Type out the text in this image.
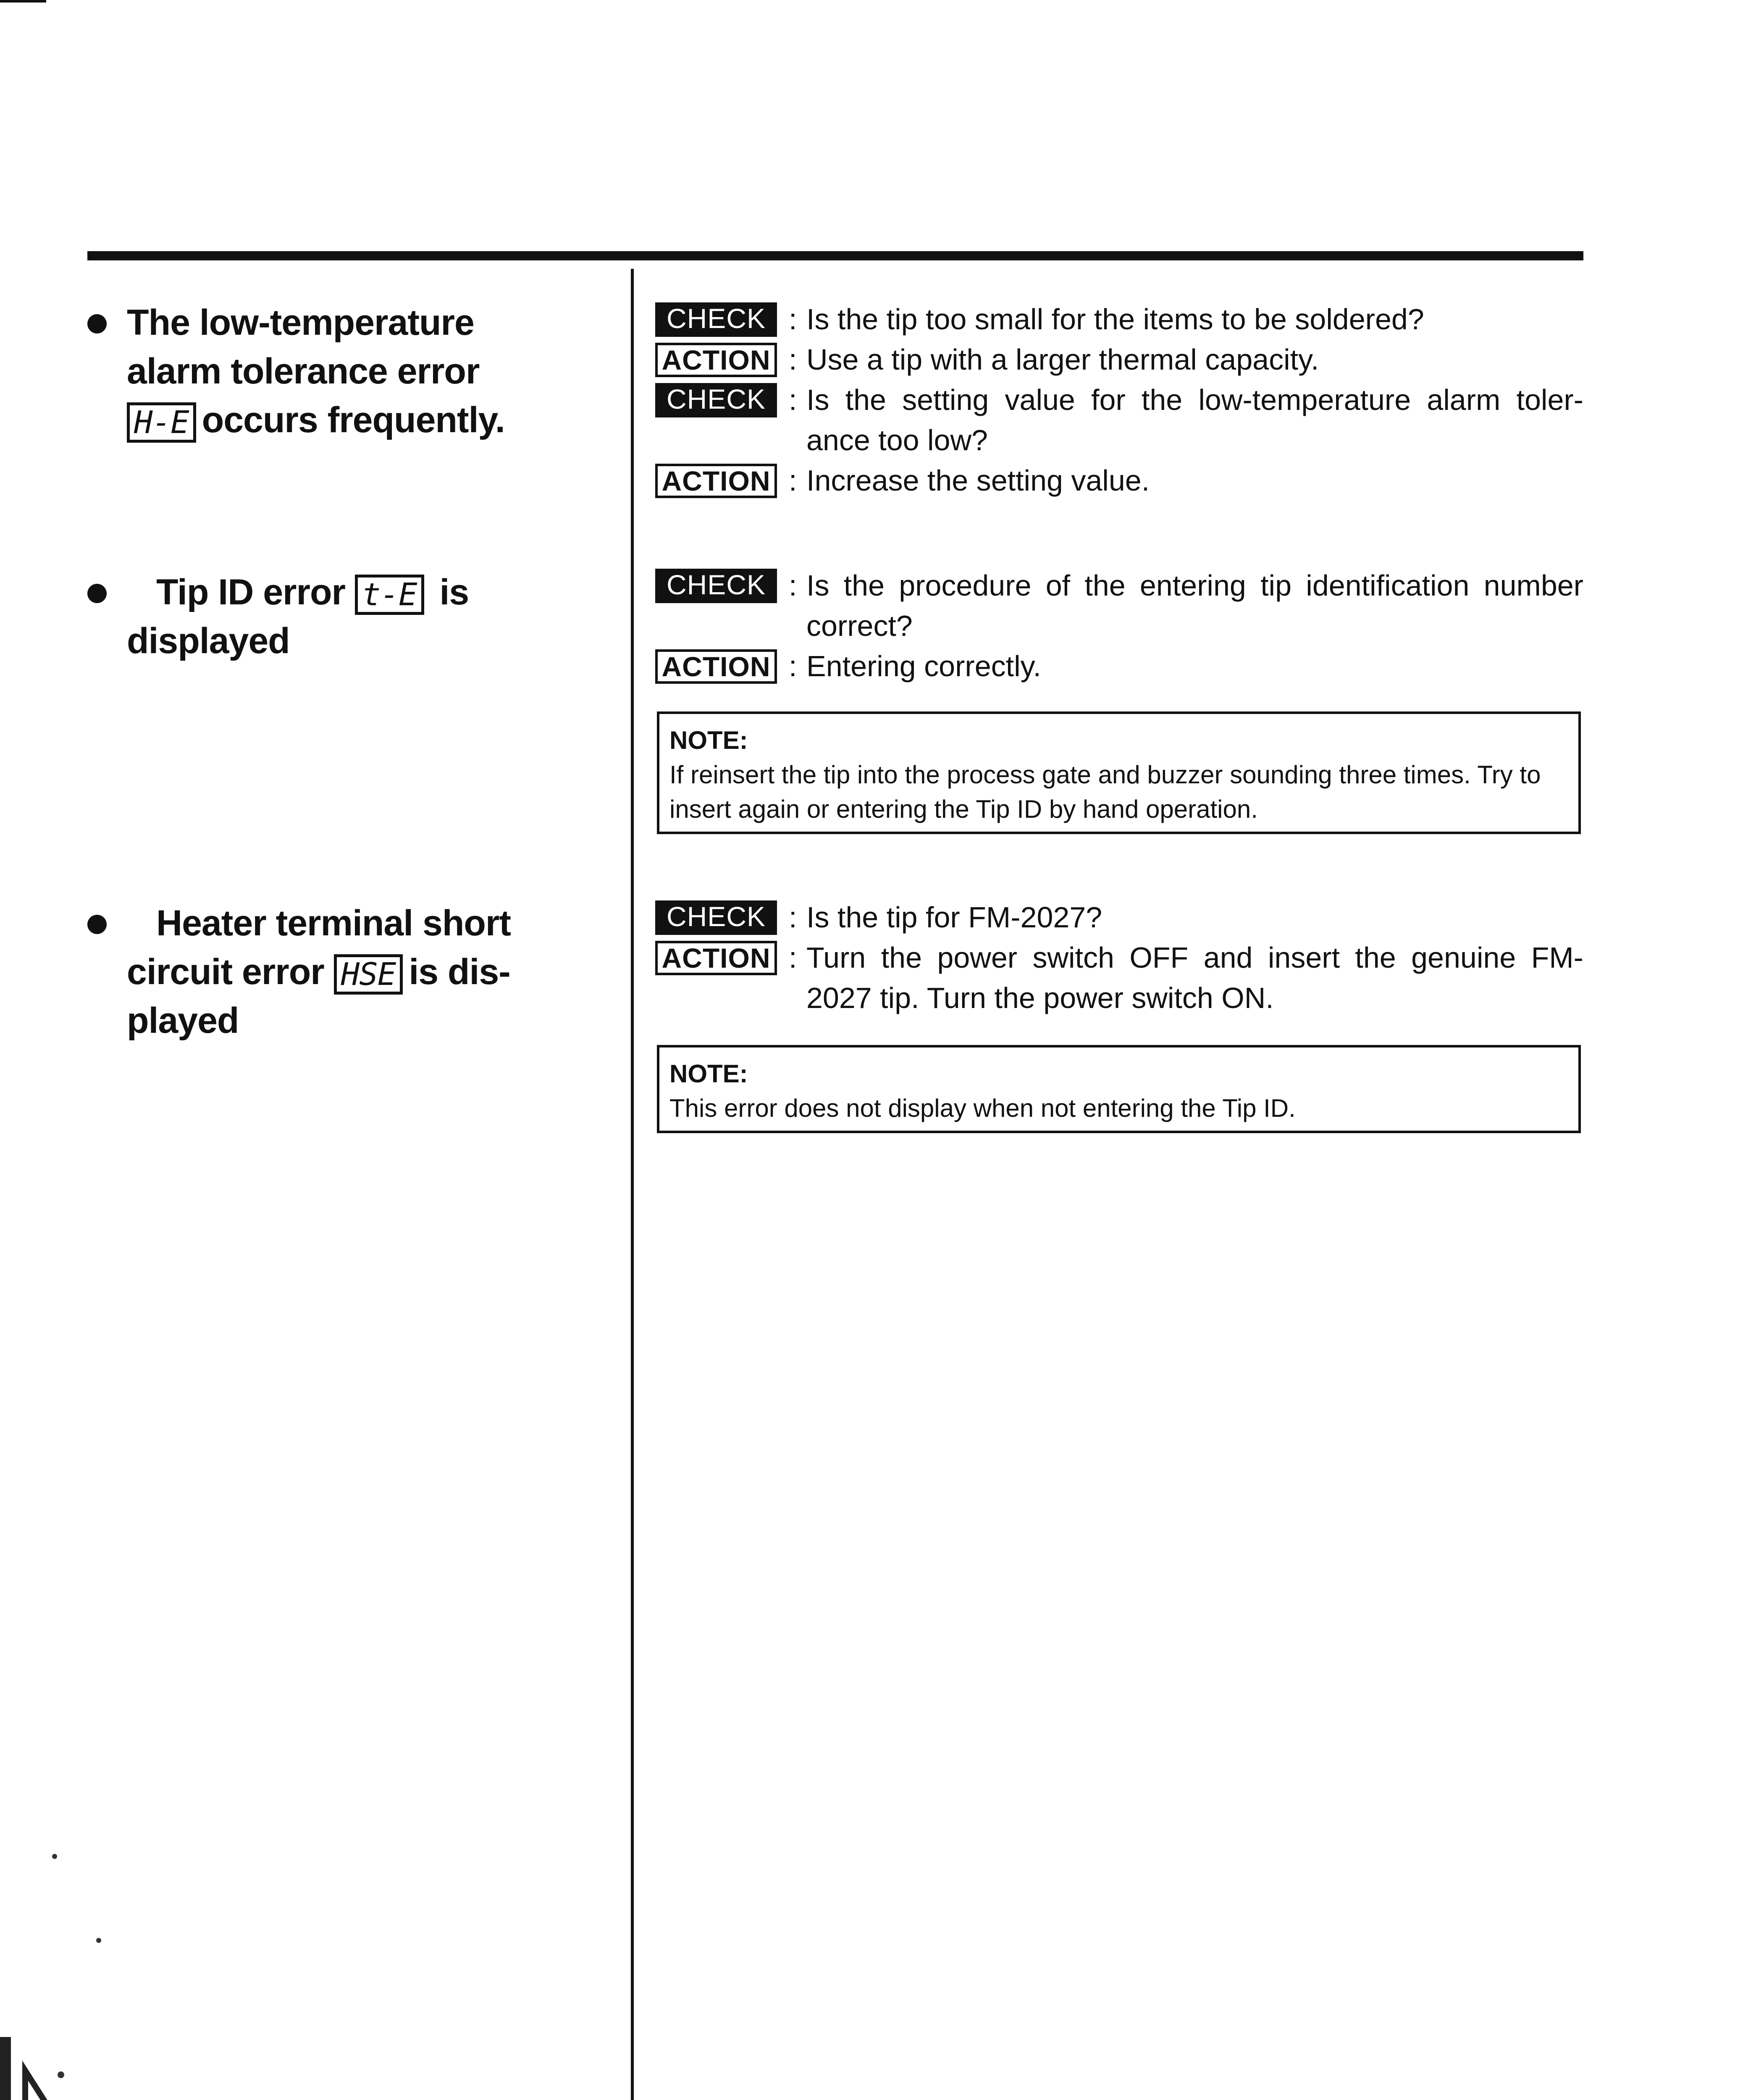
The low-temperature
alarm tolerance error
H-E occurs frequently.
CHECK : Is the tip too small for the items to be soldered?
ACTION : Use a tip with a larger thermal capacity.
CHECK : Is the setting value for the low-temperature alarm toler-ance too low?
ACTION : Increase the setting value.
Tip ID error t-E is
displayed
CHECK : Is the procedure of the entering tip identification number correct?
ACTION : Entering correctly.
NOTE:
If reinsert the tip into the process gate and buzzer sounding three times. Try to insert again or entering the Tip ID by hand operation.
Heater terminal short
circuit error HSE is dis-
played
CHECK : Is the tip for FM-2027?
ACTION : Turn the power switch OFF and insert the genuine FM-2027 tip. Turn the power switch ON.
NOTE:
This error does not display when not entering the Tip ID.
